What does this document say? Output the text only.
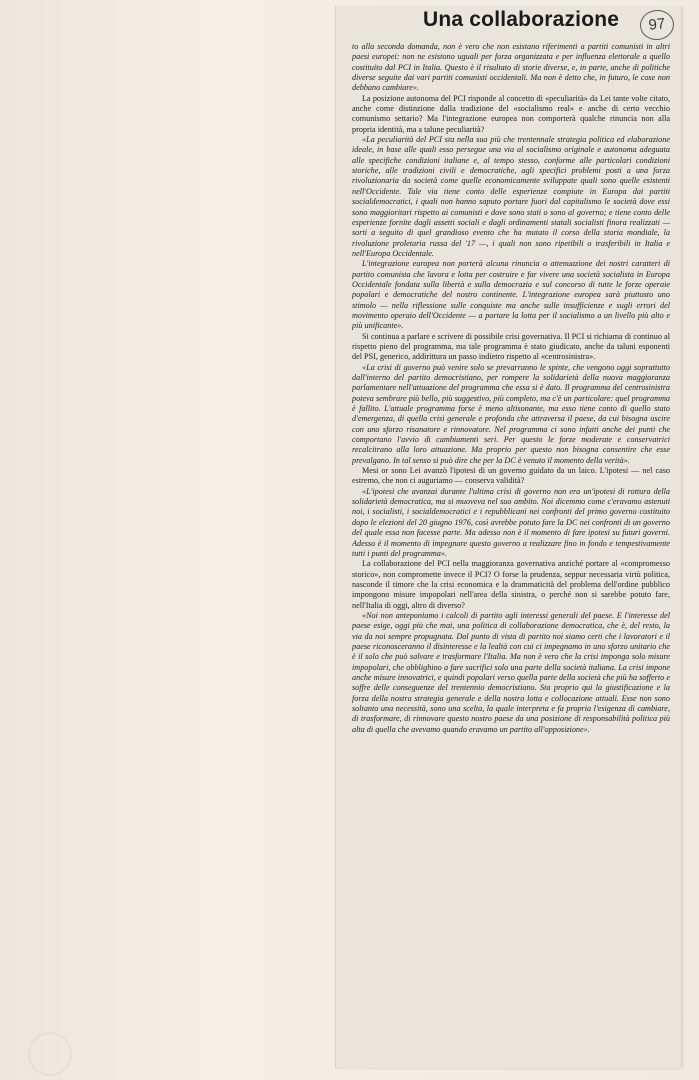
Una collaborazione	97

to alla seconda domanda, non è vero che non esistano riferimenti a partiti comunisti in altri paesi europei: non ne esistono uguali per forza organizzata e per influenza elettorale a quello costituito dal PCI in Italia. Questo è il risultato di storie diverse, e, in parte, anche di politiche diverse seguite dai vari partiti comunisti occidentali. Ma non è detto che, in futuro, le cose non debbano cambiare».

La posizione autonoma del PCI risponde al concetto di «peculiarità» da Lei tante volte citato, anche come distinzione dalla tradizione del «socialismo real» e anche di certo vecchio comunismo settario? Ma l'integrazione europea non comporterà qualche rinuncia non alla propria identità, ma a talune peculiarità?

«La peculiarità del PCI sta nella sua più che trentennale strategia politica ed elaborazione ideale, in base alle quali esso persegue una via al socialismo originale e autonoma adeguata alle specifiche condizioni italiane e, al tempo stesso, conforme alle particolari condizioni storiche, alle tradizioni civili e democratiche, agli specifici problemi posti a una forza rivoluzionaria da società come quelle economicamente sviluppate quali sono quelle esistenti nell'Occidente. Tale via tiene conto delle esperienze compiute in Europa dai partiti socialdemocratici, i quali non hanno saputo portare fuori dal capitalismo le società dove essi sono maggioritari rispetto ai comunisti e dove sono stati o sono al governo; e tiene conto delle esperienze fornite dagli assetti sociali e dagli ordinamenti statali socialisti finora realizzati — sorti a seguito di quel grandioso evento che ha mutato il corso della storia mondiale, la rivoluzione proletaria russa del '17 —, i quali non sono ripetibili o trasferibili in Italia e nell'Europa Occidentale.

L'integrazione europea non porterà alcuna rinuncia o attenuazione dei nostri caratteri di partito comunista che lavora e lotta per costruire e far vivere una società socialista in Europa Occidentale fondata sulla libertà e sulla democrazia e sul concorso di tutte le forze operaie popolari e democratiche del nostro continente. L'integrazione europea sarà piuttosto uno stimolo — nella riflessione sulle conquiste ma anche sulle insufficienze e sugli errori del movimento operaio dell'Occidente — a portare la lotta per il socialismo a un livello più alto e più unificante».

Si continua a parlare e scrivere di possibile crisi governativa. Il PCI si richiama di continuo al rispetto pieno del programma, ma tale programma è stato giudicato, anche da taluni esponenti del PSI, generico, addirittura un passo indietro rispetto al «centrosinistra».

«La crisi di governo può venire solo se prevarranno le spinte, che vengono oggi soprattutto dall'interno del partito democristiano, per rompere la solidarietà della nuova maggioranza parlamentare nell'attuazione del programma che essa si è dato. Il programma del centrosinistra poteva sembrare più bello, più suggestivo, più completo, ma c'è un particolare: quel programma è fallito. L'attuale programma forse è meno altisonante, ma esso tiene conto di quello stato d'emergenza, di quella crisi generale e profonda che attraversa il paese, da cui bisogna uscire con uno sforzo risanatore e rinnovatore. Nel programma ci sono infatti anche dei punti che comportano l'avvio di cambiamenti seri. Per questo le forze moderate e conservatrici recalcitrano alla loro attuazione. Ma proprio per questo non bisogna consentire che esse prevalgano. In tal senso si può dire che per la DC è venuto il momento della verità».

Mesi or sono Lei avanzò l'ipotesi di un governo guidato da un laico. L'ipotesi — nel caso estremo, che non ci auguriamo — conserva validità?

«L'ipotesi che avanzai durante l'ultima crisi di governo non era un'ipotesi di rottura della solidarietà democratica, ma si muoveva nel suo ambito. Noi dicemmo come c'eravamo astenuti noi, i socialisti, i socialdemocratici e i repubblicani nei confronti del primo governo costituito dopo le elezioni del 20 giugno 1976, così avrebbe potuto fare la DC nei confronti di un governo del quale essa non facesse parte. Ma adesso non è il momento di fare ipotesi su futuri governi. Adesso è il momento di impegnare questo governo a realizzare fino in fondo e tempestivamente tutti i punti del programma».

La collaborazione del PCI nella maggioranza governativa anziché portare al «compromesso storico», non compromette invece il PCI? O forse la prudenza, seppur necessaria virtù politica, nasconde il timore che la crisi economica e la drammaticità del problema dell'ordine pubblico impongono misure impopolari nell'area della sinistra, o perché non si sarebbe potuto fare, nell'Italia di oggi, altro di diverso?

«Noi non anteponiamo i calcoli di partito agli interessi generali del paese. E l'interesse del paese esige, oggi più che mai, una politica di collaborazione democratica, che è, del resto, la via da noi sempre propugnata. Dal punto di vista di partito noi siamo certi che i lavoratori e il paese riconosceranno il disinteresse e la lealtà con cui ci impegnamo in uno sforzo unitario che è il solo che può salvare e trasformare l'Italia. Ma non è vero che la crisi imponga solo misure impopolari, che obblighino a fare sacrifici solo una parte della società italiana. La crisi impone anche misure innovatrici, e quindi popolari verso quella parte della società che più ha sofferto e soffre delle conseguenze del trentennio democristiano. Sta proprio qui la giustificazione e la forza della nostra strategia generale e della nostra lotta e collocazione attuali. Esse non sono soltanto una necessità, sono una scelta, la quale interpreta e fa propria l'esigenza di cambiare, di trasformare, di rinnovare questo nostro paese da una posizione di responsabilità politica più alta di quella che avevamo quando eravamo un partito all'opposizione».
